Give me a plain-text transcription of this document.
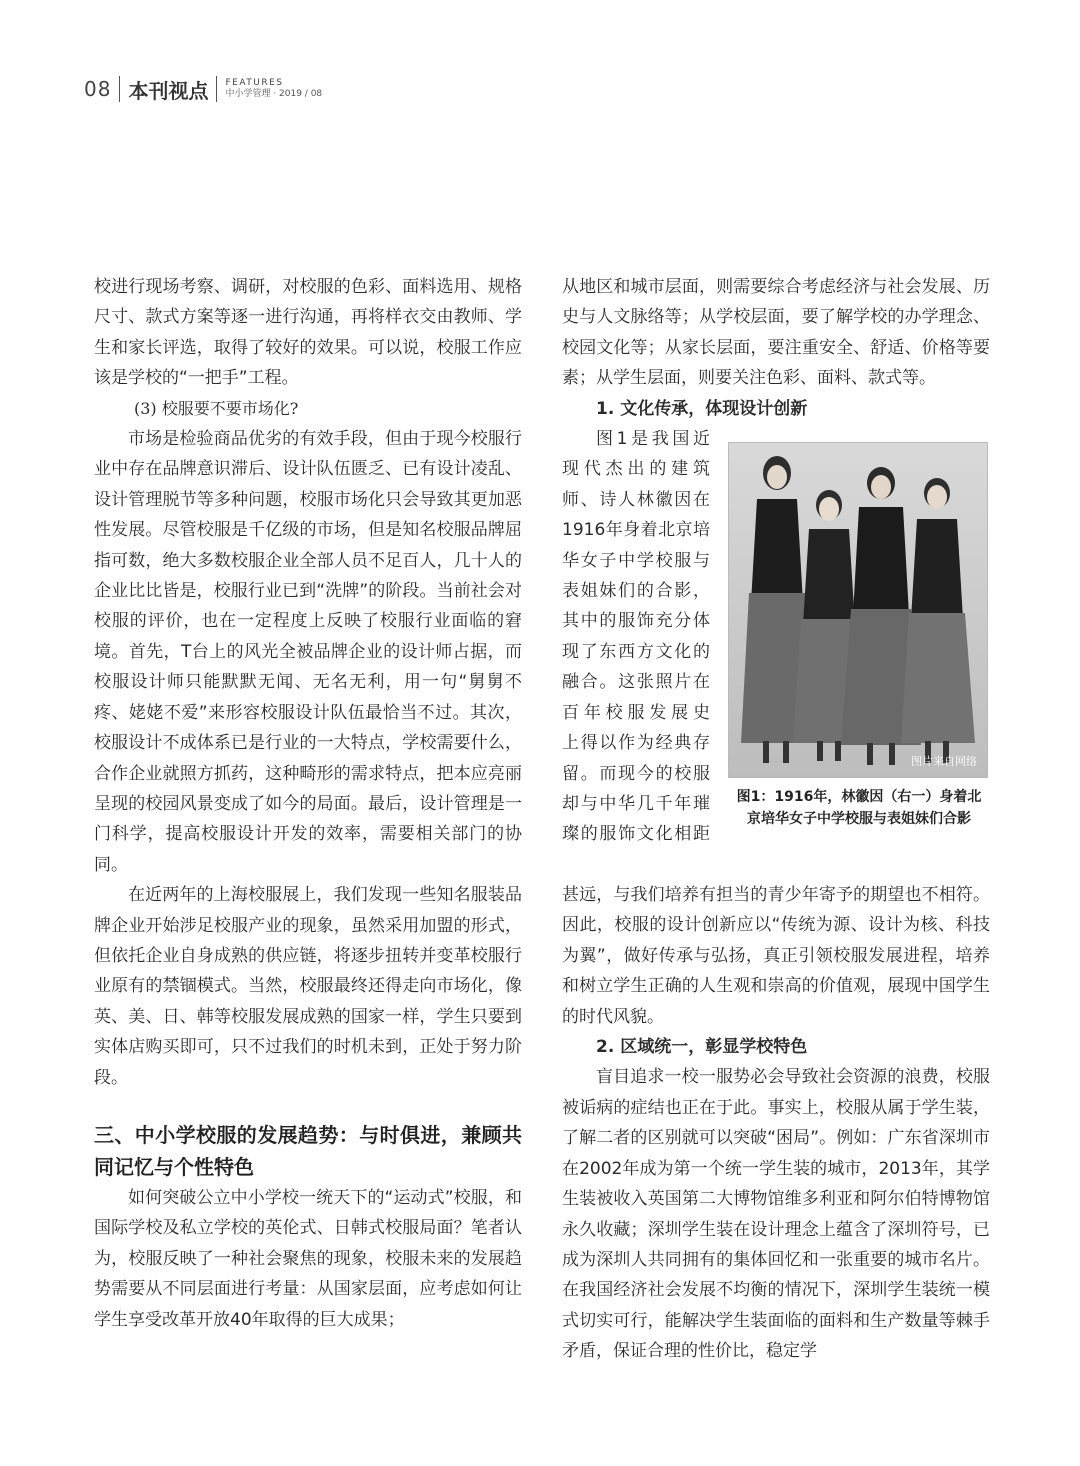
08 本刊视点 FEATURES
中小学管理 · 2019 / 08

校进行现场考察、调研，对校服的色彩、面料选用、规格尺寸、款式方案等逐一进行沟通，再将样衣交由教师、学生和家长评选，取得了较好的效果。可以说，校服工作应该是学校的“一把手”工程。

(3) 校服要不要市场化?

市场是检验商品优劣的有效手段，但由于现今校服行业中存在品牌意识滞后、设计队伍匮乏、已有设计凌乱、设计管理脱节等多种问题，校服市场化只会导致其更加恶性发展。尽管校服是千亿级的市场，但是知名校服品牌屈指可数，绝大多数校服企业全部人员不足百人，几十人的企业比比皆是，校服行业已到“洗牌”的阶段。当前社会对校服的评价，也在一定程度上反映了校服行业面临的窘境。首先，T台上的风光全被品牌企业的设计师占据，而校服设计师只能默默无闻、无名无利，用一句“舅舅不疼、姥姥不爱”来形容校服设计队伍最恰当不过。其次，校服设计不成体系已是行业的一大特点，学校需要什么，合作企业就照方抓药，这种畸形的需求特点，把本应亮丽呈现的校园风景变成了如今的局面。最后，设计管理是一门科学，提高校服设计开发的效率，需要相关部门的协同。

在近两年的上海校服展上，我们发现一些知名服装品牌企业开始涉足校服产业的现象，虽然采用加盟的形式，但依托企业自身成熟的供应链，将逐步扭转并变革校服行业原有的禁锢模式。当然，校服最终还得走向市场化，像英、美、日、韩等校服发展成熟的国家一样，学生只要到实体店购买即可，只不过我们的时机未到，正处于努力阶段。

三、中小学校服的发展趋势：与时俱进，兼顾共同记忆与个性特色

如何突破公立中小学校一统天下的“运动式”校服，和国际学校及私立学校的英伦式、日韩式校服局面？笔者认为，校服反映了一种社会聚焦的现象，校服未来的发展趋势需要从不同层面进行考量：从国家层面，应考虑如何让学生享受改革开放40年取得的巨大成果；

从地区和城市层面，则需要综合考虑经济与社会发展、历史与人文脉络等；从学校层面，要了解学校的办学理念、校园文化等；从家长层面，要注重安全、舒适、价格等要素；从学生层面，则要关注色彩、面料、款式等。

1. 文化传承，体现设计创新

图1是我国近

现代杰出的建筑

师、诗人林徽因在

1916年身着北京培

华女子中学校服与

表姐妹们的合影，

其中的服饰充分体

现了东西方文化的

融合。这张照片在

百年校服发展史

上得以作为经典存

留。而现今的校服

却与中华几千年璀

璨的服饰文化相距

图片来自网络
图1：1916年，林徽因（右一）身着北
京培华女子中学校服与表姐妹们合影

甚远，与我们培养有担当的青少年寄予的期望也不相符。因此，校服的设计创新应以“传统为源、设计为核、科技为翼”，做好传承与弘扬，真正引领校服发展进程，培养和树立学生正确的人生观和崇高的价值观，展现中国学生的时代风貌。

2. 区域统一，彰显学校特色

盲目追求一校一服势必会导致社会资源的浪费，校服被诟病的症结也正在于此。事实上，校服从属于学生装，了解二者的区别就可以突破“困局”。例如：广东省深圳市在2002年成为第一个统一学生装的城市，2013年，其学生装被收入英国第二大博物馆维多利亚和阿尔伯特博物馆永久收藏；深圳学生装在设计理念上蕴含了深圳符号，已成为深圳人共同拥有的集体回忆和一张重要的城市名片。在我国经济社会发展不均衡的情况下，深圳学生装统一模式切实可行，能解决学生装面临的面料和生产数量等棘手矛盾，保证合理的性价比，稳定学
